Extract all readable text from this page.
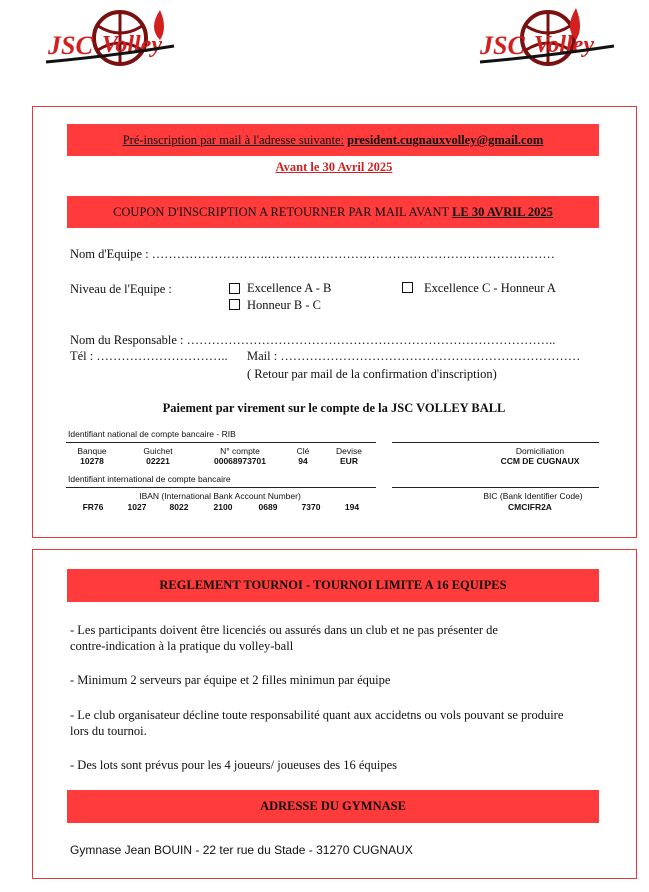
JSC Volley	JSC Volley
Pré-inscription par mail à l'adresse suivante: president.cugnauxvolley@gmail.com
Avant le 30 Avril 2025
COUPON D'INSCRIPTION A RETOURNER PAR MAIL AVANT LE 30 AVRIL 2025
Nom d'Equipe : ……………………….……………………………………………………………
Niveau de l'Equipe :	Excellence A - B
Honneur B - C
Excellence C - Honneur A
Nom du Responsable : ……………………………………………………………………………..
Tél : ………………………….. Mail : ………………………………………………………………
( Retour par mail de la confirmation d'inscription)
Paiement par virement sur le compte de la JSC VOLLEY BALL
Identifiant national de compte bancaire - RIB
Banque	Guichet	N° compte	Clé	Devise
10278	02221	00068973701	94	EUR
Domiciliation
CCM DE CUGNAUX
Identifiant international de compte bancaire
IBAN (International Bank Account Number)
FR76	1027	8022	2100	0689	7370	194
BIC (Bank Identifier Code)
CMCIFR2A
REGLEMENT TOURNOI - TOURNOI LIMITE A 16 EQUIPES
- Les participants doivent être licenciés ou assurés dans un club et ne pas présenter de
contre-indication à la pratique du volley-ball
- Minimum 2 serveurs par équipe et 2 filles minimun par équipe
- Le club organisateur décline toute responsabilité quant aux accidetns ou vols pouvant se produire
lors du tournoi.
- Des lots sont prévus pour les 4 joueurs/ joueuses des 16 équipes
ADRESSE DU GYMNASE
Gymnase Jean BOUIN - 22 ter rue du Stade - 31270 CUGNAUX
